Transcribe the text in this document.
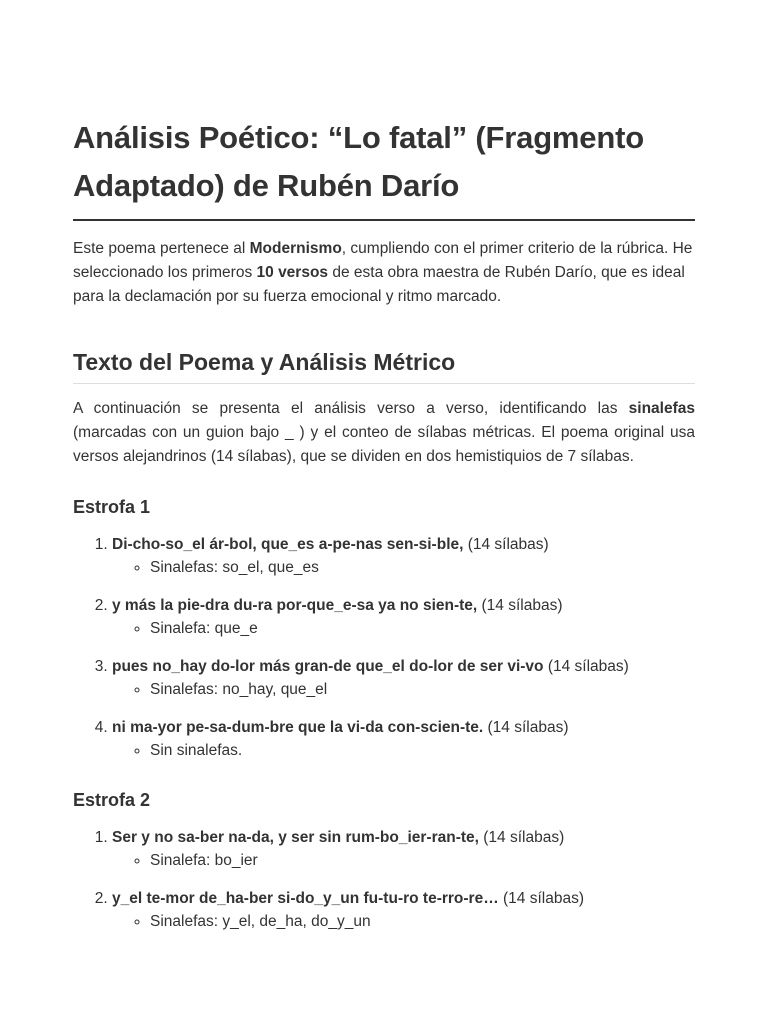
Análisis Poético: “Lo fatal” (Fragmento Adaptado) de Rubén Darío

Este poema pertenece al Modernismo, cumpliendo con el primer criterio de la rúbrica. He seleccionado los primeros 10 versos de esta obra maestra de Rubén Darío, que es ideal para la declamación por su fuerza emocional y ritmo marcado.

Texto del Poema y Análisis Métrico

A continuación se presenta el análisis verso a verso, identificando las sinalefas (marcadas con un guion bajo _ ) y el conteo de sílabas métricas. El poema original usa versos alejandrinos (14 sílabas), que se dividen en dos hemistiquios de 7 sílabas.

Estrofa 1
1. Di-cho-so_el ár-bol, que_es a-pe-nas sen-si-ble, (14 sílabas)
◦ Sinalefas: so_el, que_es
2. y más la pie-dra du-ra por-que_e-sa ya no sien-te, (14 sílabas)
◦ Sinalefa: que_e
3. pues no_hay do-lor más gran-de que_el do-lor de ser vi-vo (14 sílabas)
◦ Sinalefas: no_hay, que_el
4. ni ma-yor pe-sa-dum-bre que la vi-da con-scien-te. (14 sílabas)
◦ Sin sinalefas.
Estrofa 2
1. Ser y no sa-ber na-da, y ser sin rum-bo_ier-ran-te, (14 sílabas)
◦ Sinalefa: bo_ier
2. y_el te-mor de_ha-ber si-do_y_un fu-tu-ro te-rro-re… (14 sílabas)
◦ Sinalefas: y_el, de_ha, do_y_un
